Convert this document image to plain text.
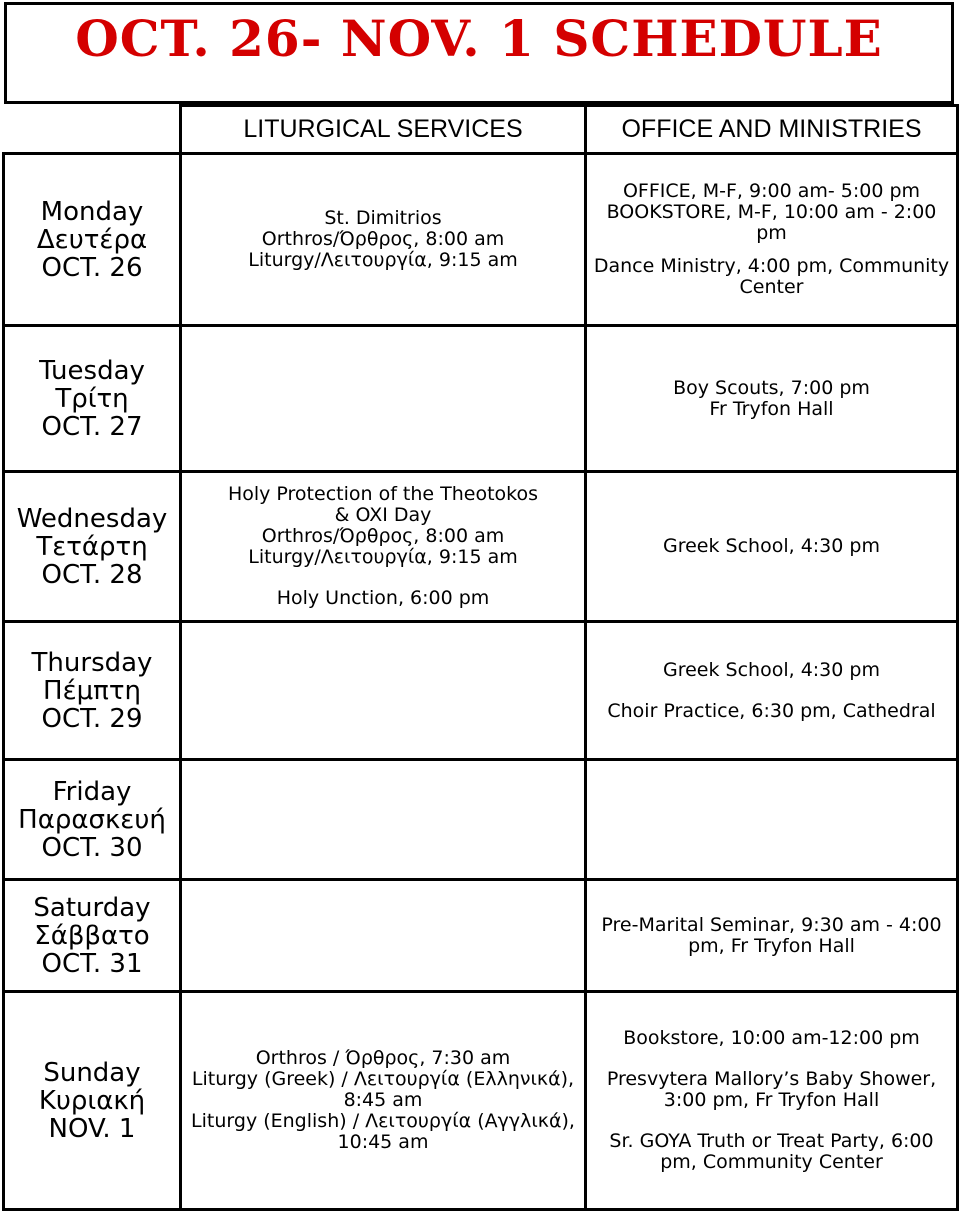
OCT. 26- NOV. 1 SCHEDULE
	LITURGICAL SERVICES	OFFICE AND MINISTRIES

Monday
Δευτέρα
OCT. 26	St. Dimitrios
Orthros/Όρθρος, 8:00 am
Liturgy/Λειτουργία, 9:15 am	OFFICE, M-F, 9:00 am- 5:00 pm
BOOKSTORE, M-F, 10:00 am - 2:00 pm
Dance Ministry, 4:00 pm, Community Center

Tuesday
Τρίτη
OCT. 27		Boy Scouts, 7:00 pm
Fr Tryfon Hall

Wednesday
Τετάρτη
OCT. 28	Holy Protection of the Theotokos
& OXI Day
Orthros/Όρθρος, 8:00 am
Liturgy/Λειτουργία, 9:15 am
Holy Unction, 6:00 pm	Greek School, 4:30 pm

Thursday
Πέμπτη
OCT. 29		Greek School, 4:30 pm
Choir Practice, 6:30 pm, Cathedral

Friday
Παρασκευή
OCT. 30		

Saturday
Σάββατο
OCT. 31		Pre-Marital Seminar, 9:30 am - 4:00 pm, Fr Tryfon Hall

Sunday
Κυριακή
NOV. 1	Orthros / Όρθρος, 7:30 am
Liturgy (Greek) / Λειτουργία (Ελληνικά), 8:45 am
Liturgy (English) / Λειτουργία (Αγγλικά), 10:45 am	Bookstore, 10:00 am-12:00 pm
Presvytera Mallory’s Baby Shower, 3:00 pm, Fr Tryfon Hall
Sr. GOYA Truth or Treat Party, 6:00 pm, Community Center
